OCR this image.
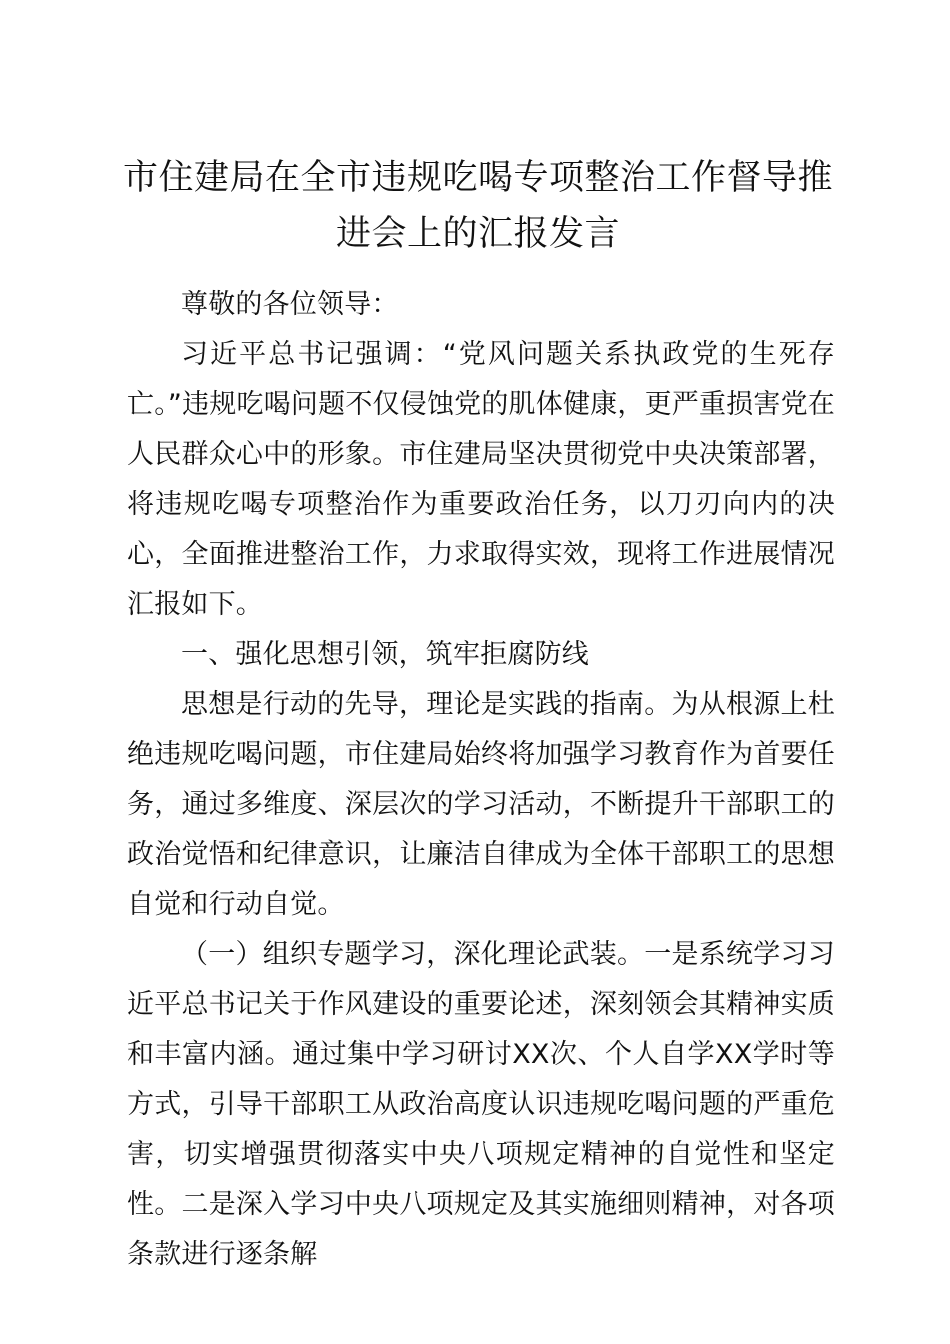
市住建局在全市违规吃喝专项整治工作督导推进会上的汇报发言

尊敬的各位领导：

习近平总书记强调：“党风问题关系执政党的生死存亡。”违规吃喝问题不仅侵蚀党的肌体健康，更严重损害党在人民群众心中的形象。市住建局坚决贯彻党中央决策部署，将违规吃喝专项整治作为重要政治任务，以刀刃向内的决心，全面推进整治工作，力求取得实效，现将工作进展情况汇报如下。

一、强化思想引领，筑牢拒腐防线

思想是行动的先导，理论是实践的指南。为从根源上杜绝违规吃喝问题，市住建局始终将加强学习教育作为首要任务，通过多维度、深层次的学习活动，不断提升干部职工的政治觉悟和纪律意识，让廉洁自律成为全体干部职工的思想自觉和行动自觉。

（一）组织专题学习，深化理论武装。一是系统学习习近平总书记关于作风建设的重要论述，深刻领会其精神实质和丰富内涵。通过集中学习研讨XX次、个人自学XX学时等方式，引导干部职工从政治高度认识违规吃喝问题的严重危害，切实增强贯彻落实中央八项规定精神的自觉性和坚定性。二是深入学习中央八项规定及其实施细则精神，对各项条款进行逐条解
